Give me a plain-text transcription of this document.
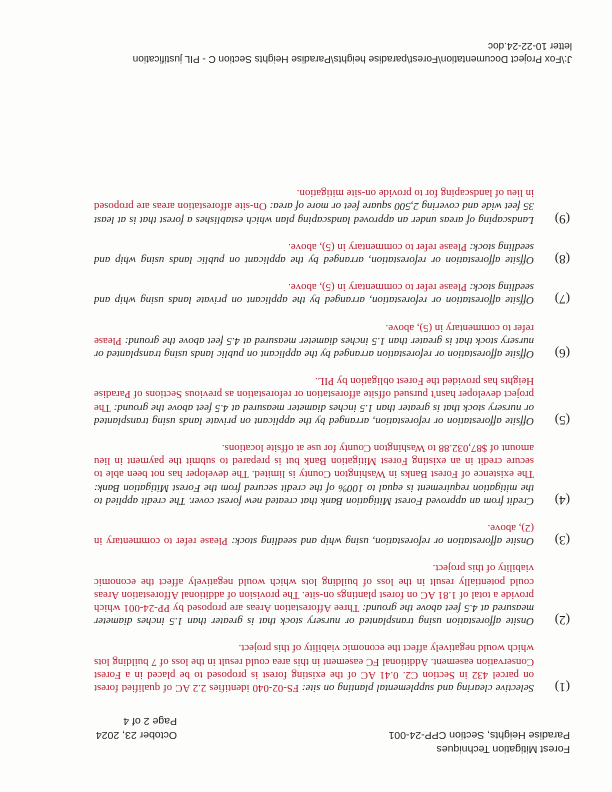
Forest Mitigation Techniques
Paradise Heights, Section CPP-24-001
October 23, 2024
Page 2 of 4
(1)
Selective clearing and supplemental planting on site: FS-02-040 identifies 2.2 AC of qualified forest on parcel 432 in Section C2. 0.41 AC of the existing forest is proposed to be placed in a Forest Conservation easement. Additional FC easement in this area could result in the loss of 7 building lots which would negatively affect the economic viability of this project.
(2)
Onsite afforestation using transplanted or nursery stock that is greater than 1.5 inches diameter measured at 4.5 feet above the ground: Three Afforestation Areas are proposed by PP-24-001 which provide a total of 1.81 AC on forest plantings on-site. The provision of additional Afforestation Areas could potentially result in the loss of building lots which would negatively affect the economic viability of this project.
(3)
Onsite afforestation or reforestation, using whip and seedling stock: Please refer to commentary in (2), above.
(4)
Credit from an approved Forest Mitigation Bank that created new forest cover. The credit applied to the mitigation requirement is equal to 100% of the credit secured from the Forest Mitigation Bank: The existence of Forest Banks in Washington County is limited. The developer has not been able to secure credit in an existing Forest Mitigation Bank but is prepared to submit the payment in lieu amount of $87,032.88 to Washington County for use at offsite locations.
(5)
Offsite afforestation or reforestation, arranged by the applicant on private lands using transplanted or nursery stock that is greater than 1.5 inches diameter measured at 4.5 feet above the ground: The project developer hasn't pursued offsite afforestation or reforestation as previous Sections of Paradise Heights has provided the Forest obligation by PIL.
(6)
Offsite afforestation or reforestation arranged by the applicant on public lands using transplanted or nursery stock that is greater than 1.5 inches diameter measured at 4.5 feet above the ground: Please refer to commentary in (5), above.
(7)
Offsite afforestation or reforestation, arranged by the applicant on private lands using whip and seedling stock: Please refer to commentary in (5), above.
(8)
Offsite afforestation or reforestation, arranged by the applicant on public lands using whip and seedling stock: Please refer to commentary in (5), above.
(9)
Landscaping of areas under an approved landscaping plan which establishes a forest that is at least 35 feet wide and covering 2,500 square feet or more of area: On-site afforestation areas are proposed in lieu of landscaping for to provide on-site mitigation.
J:\Fox Project Documentation\Forest\paradise heights\Paradise Heights Section C - PIL justification
letter 10-22-24.doc
